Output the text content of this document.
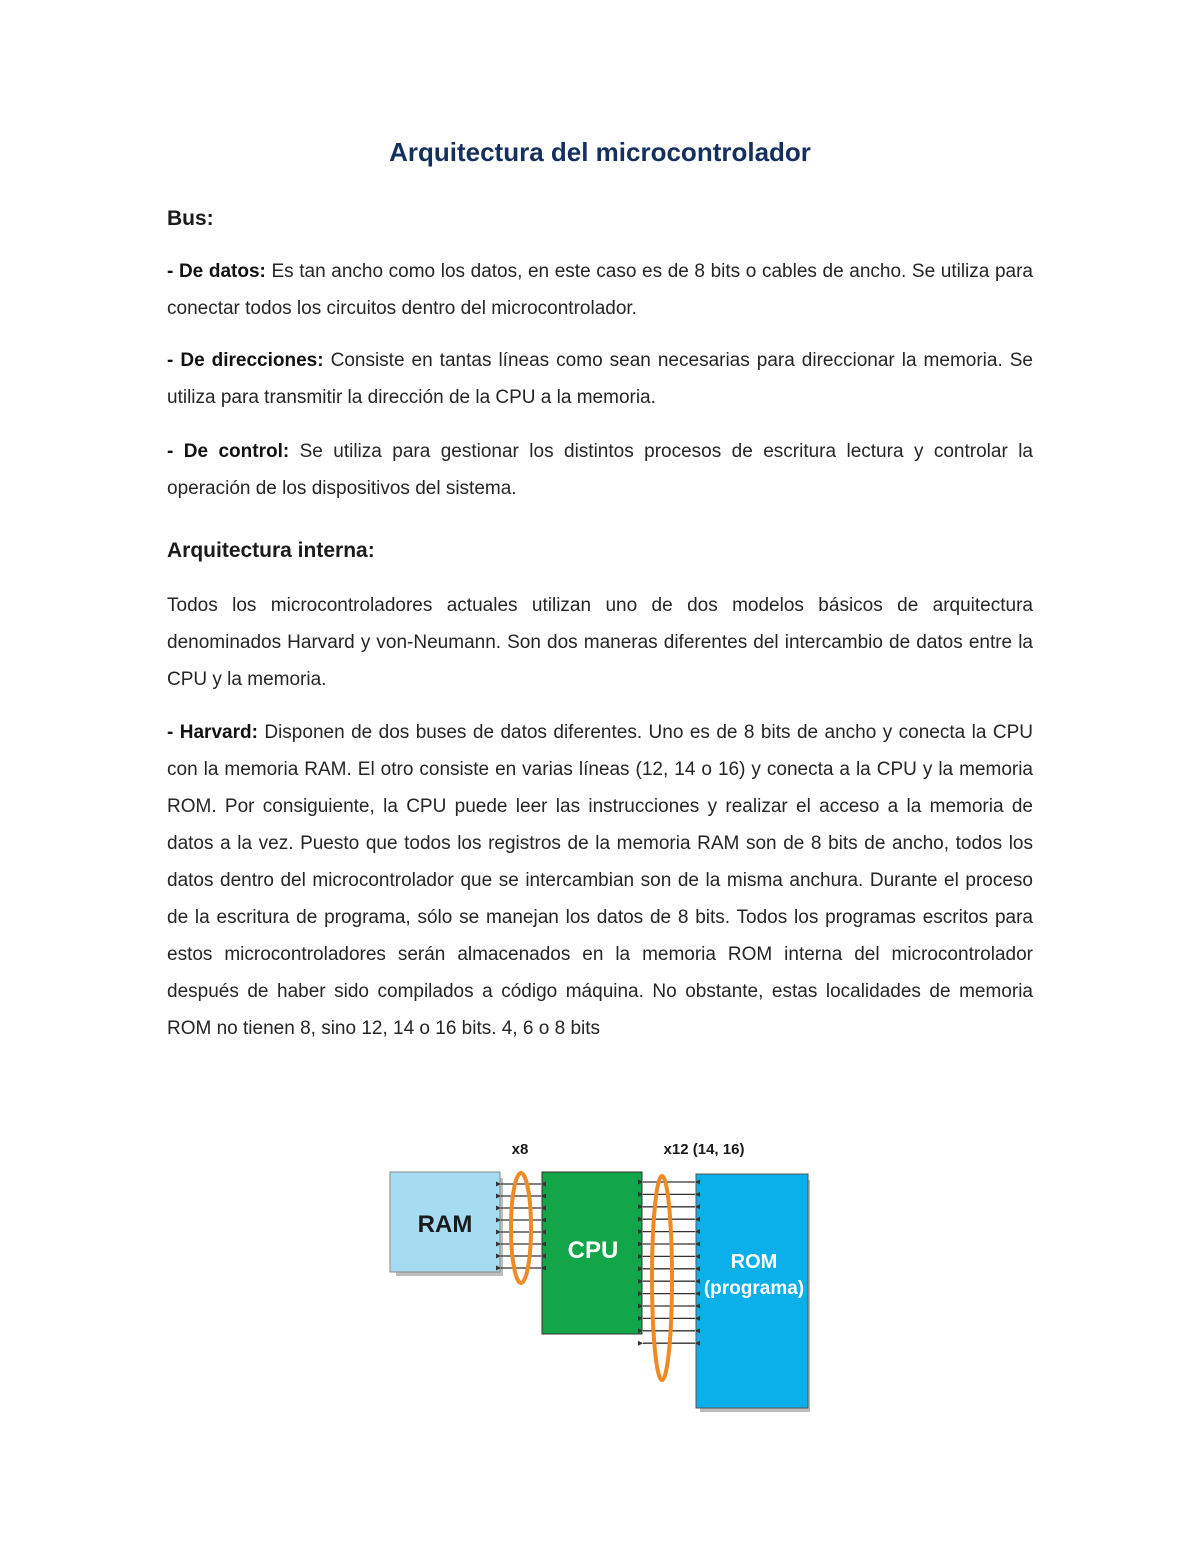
Arquitectura del microcontrolador
Bus:

- De datos: Es tan ancho como los datos, en este caso es de 8 bits o cables de ancho. Se utiliza para conectar todos los circuitos dentro del microcontrolador.

- De direcciones: Consiste en tantas líneas como sean necesarias para direccionar la memoria. Se utiliza para transmitir la dirección de la CPU a la memoria.

- De control: Se utiliza para gestionar los distintos procesos de escritura lectura y controlar la operación de los dispositivos del sistema.

Arquitectura interna:

Todos los microcontroladores actuales utilizan uno de dos modelos básicos de arquitectura denominados Harvard y von-Neumann. Son dos maneras diferentes del intercambio de datos entre la CPU y la memoria.

- Harvard: Disponen de dos buses de datos diferentes. Uno es de 8 bits de ancho y conecta la CPU con la memoria RAM. El otro consiste en varias líneas (12, 14 o 16) y conecta a la CPU y la memoria ROM. Por consiguiente, la CPU puede leer las instrucciones y realizar el acceso a la memoria de datos a la vez. Puesto que todos los registros de la memoria RAM son de 8 bits de ancho, todos los datos dentro del microcontrolador que se intercambian son de la misma anchura. Durante el proceso de la escritura de programa, sólo se manejan los datos de 8 bits. Todos los programas escritos para estos microcontroladores serán almacenados en la memoria ROM interna del microcontrolador después de haber sido compilados a código máquina. No obstante, estas localidades de memoria ROM no tienen 8, sino 12, 14 o 16 bits. 4, 6 o 8 bits

RAM
CPU	ROM
(programa)
x8	x12 (14, 16)
